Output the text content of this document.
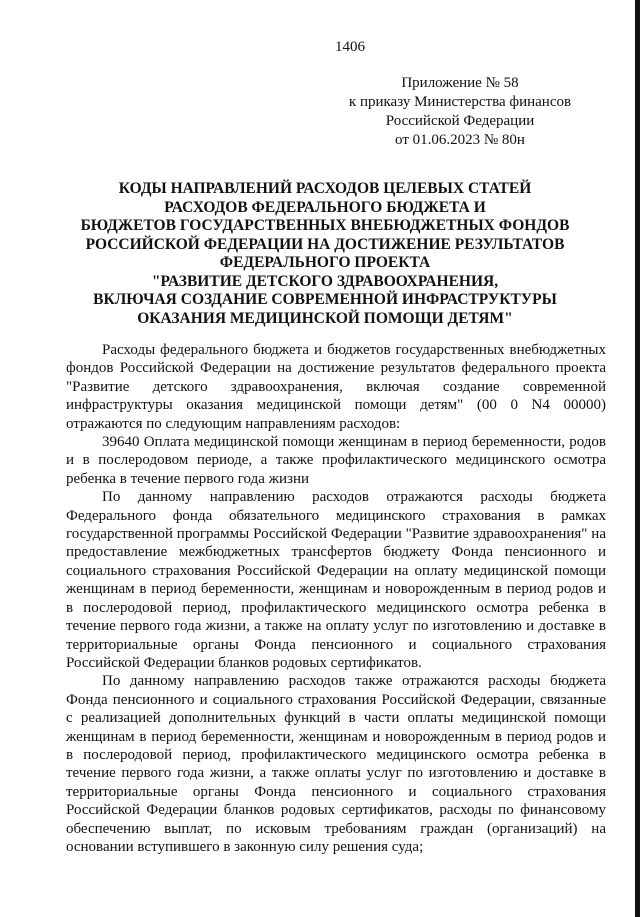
1406
Приложение № 58
к приказу Министерства финансов
Российской Федерации
от 01.06.2023 № 80н
КОДЫ НАПРАВЛЕНИЙ РАСХОДОВ ЦЕЛЕВЫХ СТАТЕЙ
РАСХОДОВ ФЕДЕРАЛЬНОГО БЮДЖЕТА И
БЮДЖЕТОВ ГОСУДАРСТВЕННЫХ ВНЕБЮДЖЕТНЫХ ФОНДОВ
РОССИЙСКОЙ ФЕДЕРАЦИИ НА ДОСТИЖЕНИЕ РЕЗУЛЬТАТОВ
ФЕДЕРАЛЬНОГО ПРОЕКТА
"РАЗВИТИЕ ДЕТСКОГО ЗДРАВООХРАНЕНИЯ,
ВКЛЮЧАЯ СОЗДАНИЕ СОВРЕМЕННОЙ ИНФРАСТРУКТУРЫ
ОКАЗАНИЯ МЕДИЦИНСКОЙ ПОМОЩИ ДЕТЯМ"

Расходы федерального бюджета и бюджетов государственных внебюджетных фондов Российской Федерации на достижение результатов федерального проекта "Развитие детского здравоохранения, включая создание современной инфраструктуры оказания медицинской помощи детям" (00 0 N4 00000) отражаются по следующим направлениям расходов:

39640 Оплата медицинской помощи женщинам в период беременности, родов и в послеродовом периоде, а также профилактического медицинского осмотра ребенка в течение первого года жизни

По данному направлению расходов отражаются расходы бюджета Федерального фонда обязательного медицинского страхования в рамках государственной программы Российской Федерации "Развитие здравоохранения" на предоставление межбюджетных трансфертов бюджету Фонда пенсионного и социального страхования Российской Федерации на оплату медицинской помощи женщинам в период беременности, женщинам и новорожденным в период родов и в послеродовой период, профилактического медицинского осмотра ребенка в течение первого года жизни, а также на оплату услуг по изготовлению и доставке в территориальные органы Фонда пенсионного и социального страхования Российской Федерации бланков родовых сертификатов.

По данному направлению расходов также отражаются расходы бюджета Фонда пенсионного и социального страхования Российской Федерации, связанные с реализацией дополнительных функций в части оплаты медицинской помощи женщинам в период беременности, женщинам и новорожденным в период родов и в послеродовой период, профилактического медицинского осмотра ребенка в течение первого года жизни, а также оплаты услуг по изготовлению и доставке в территориальные органы Фонда пенсионного и социального страхования Российской Федерации бланков родовых сертификатов, расходы по финансовому обеспечению выплат, по исковым требованиям граждан (организаций) на основании вступившего в законную силу решения суда;
